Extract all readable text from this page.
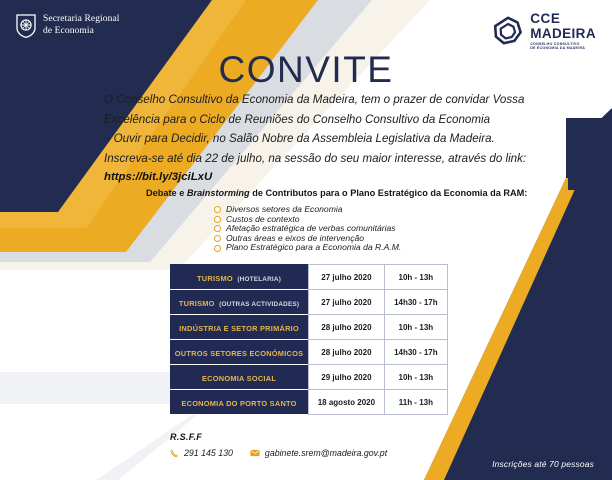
Secretaria Regional
de Economia
CCE
MADEIRA
CONSELHO CONSULTIVO
DE ECONOMIA DA MADEIRA
CONVITE
O Conselho Consultivo da Economia da Madeira, tem o prazer de convidar Vossa
Excelência para o Ciclo de Reuniões do Conselho Consultivo da Economia
– Ouvir para Decidir, no Salão Nobre da Assembleia Legislativa da Madeira.
Inscreva-se até dia 22 de julho, na sessão do seu maior interesse, através do link:
https://bit.ly/3jciLxU
Debate e Brainstorming de Contributos para o Plano Estratégico da Economia da RAM:
Diversos setores da Economia
Custos de contexto
Afetação estratégica de verbas comunitárias
Outras áreas e eixos de intervenção
Plano Estratégico para a Economia da R.A.M.
TURISMO (HOTELARIA)	27 julho 2020	10h - 13h
TURISMO (OUTRAS ACTIVIDADES)	27 julho 2020	14h30 - 17h
INDÚSTRIA E SETOR PRIMÁRIO	28 julho 2020	10h - 13h
OUTROS SETORES ECONÓMICOS	28 julho 2020	14h30 - 17h
ECONOMIA SOCIAL	29 julho 2020	10h - 13h
ECONOMIA DO PORTO SANTO	18 agosto 2020	11h - 13h
R.S.F.F
291 145 130	gabinete.srem@madeira.gov.pt
Inscrições até 70 pessoas
